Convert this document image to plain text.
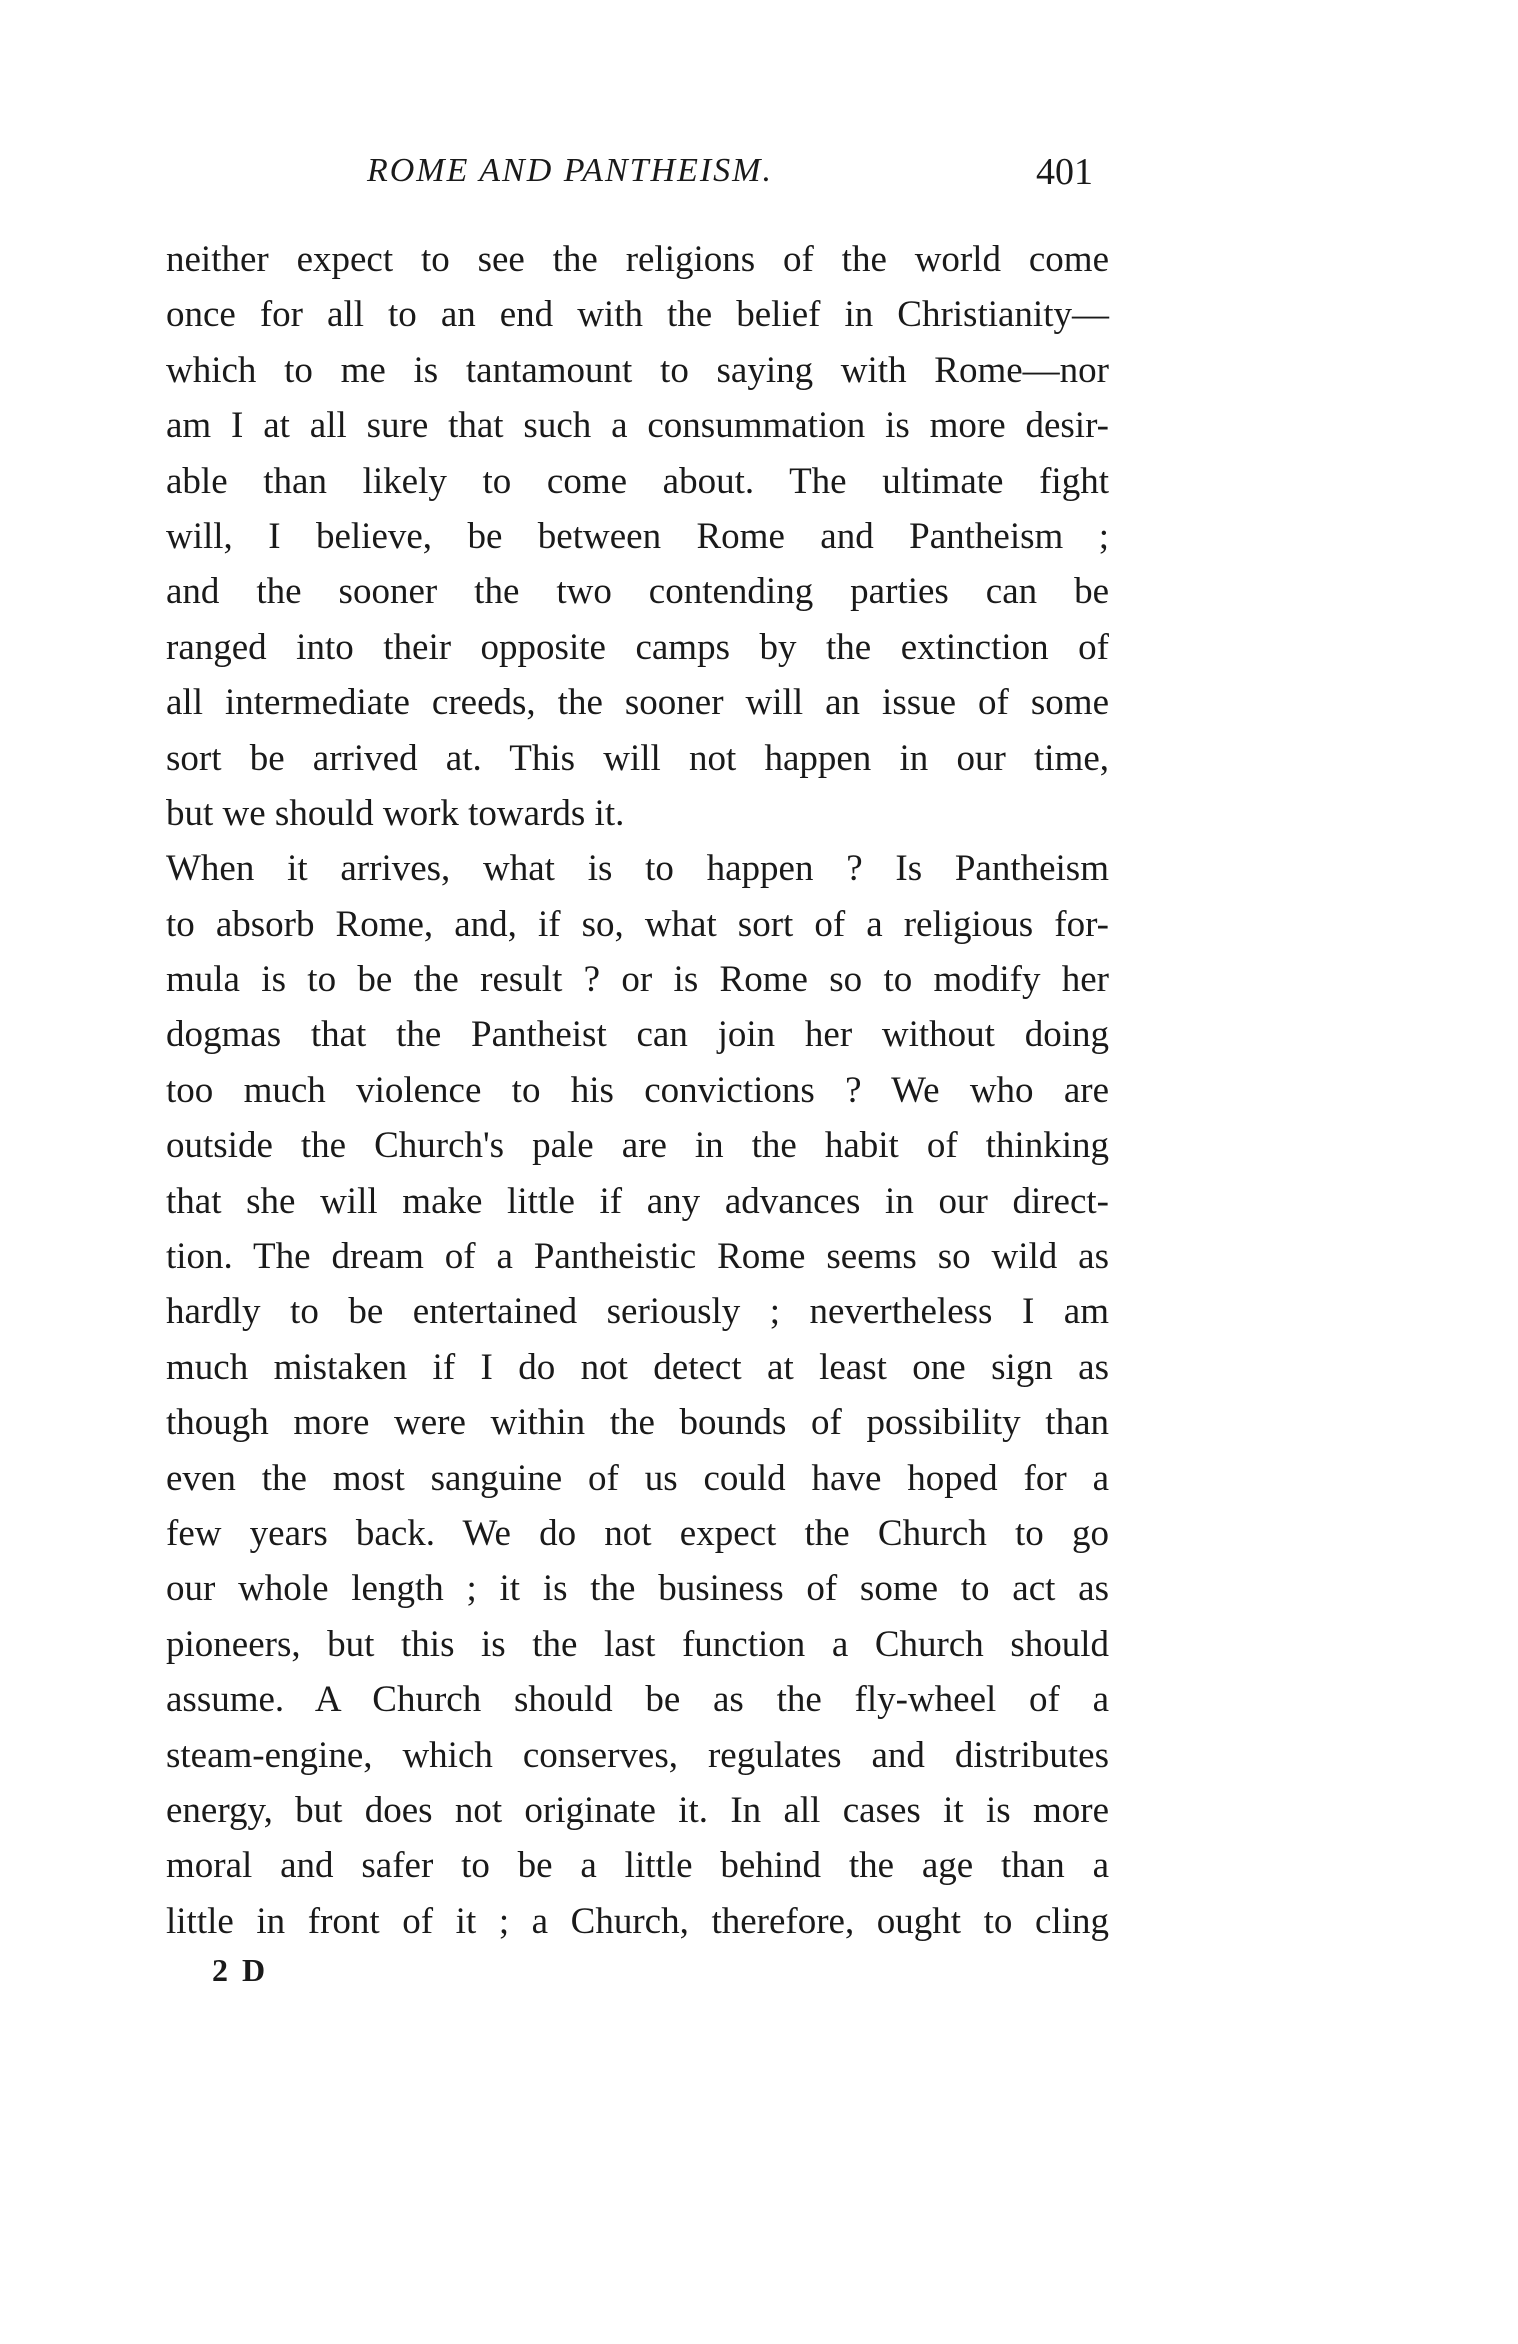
ROME AND PANTHEISM.	401
neither expect to see the religions of the world come
once for all to an end with the belief in Christianity—
which to me is tantamount to saying with Rome—nor
am I at all sure that such a consummation is more desir-
able than likely to come about. The ultimate fight
will, I believe, be between Rome and Pantheism ;
and the sooner the two contending parties can be
ranged into their opposite camps by the extinction of
all intermediate creeds, the sooner will an issue of some
sort be arrived at. This will not happen in our time,
but we should work towards it.
When it arrives, what is to happen ? Is Pantheism
to absorb Rome, and, if so, what sort of a religious for-
mula is to be the result ? or is Rome so to modify her
dogmas that the Pantheist can join her without doing
too much violence to his convictions ? We who are
outside the Church's pale are in the habit of thinking
that she will make little if any advances in our direct-
tion. The dream of a Pantheistic Rome seems so wild as
hardly to be entertained seriously ; nevertheless I am
much mistaken if I do not detect at least one sign as
though more were within the bounds of possibility than
even the most sanguine of us could have hoped for a
few years back. We do not expect the Church to go
our whole length ; it is the business of some to act as
pioneers, but this is the last function a Church should
assume. A Church should be as the fly-wheel of a
steam-engine, which conserves, regulates and distributes
energy, but does not originate it. In all cases it is more
moral and safer to be a little behind the age than a
little in front of it ; a Church, therefore, ought to cling
2 D
